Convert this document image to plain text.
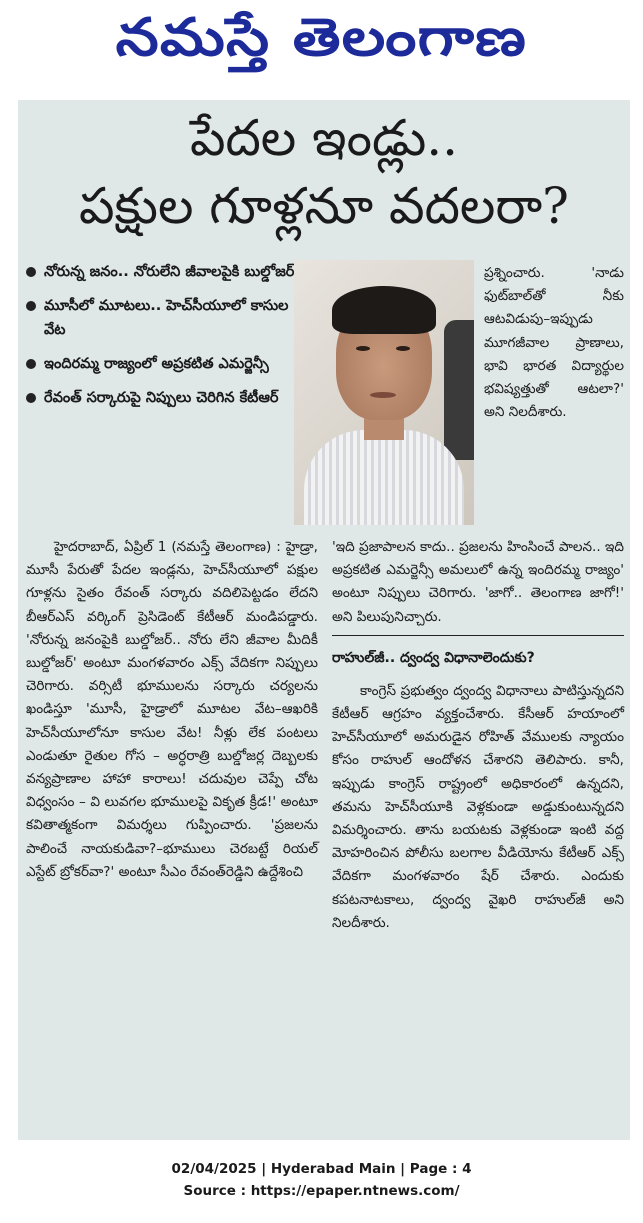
నమస్తే తెలంగాణ
పేదల ఇండ్లు..
పక్షుల గూళ్లనూ వదలరా?
నోరున్న జనం.. నోరులేని జీవాలపైకి బుల్డోజర్
మూసీలో మూటలు.. హెచ్‌సీయూలో కాసుల వేట
ఇందిరమ్మ రాజ్యంలో అప్రకటిత ఎమర్జెన్సీ
రేవంత్ సర్కారుపై నిప్పులు చెరిగిన కేటీఆర్

ప్రశ్నించారు. 'నాడు ఫుట్‌బాల్‌తో నీకు ఆటవిడుపు–ఇప్పుడు మూగజీవాల ప్రాణాలు, భావి భారత విద్యార్థుల భవిష్యత్తుతో ఆటలా?' అని నిలదీశారు.

హైదరాబాద్, ఏప్రిల్ 1 (నమస్తే తెలంగాణ) : హైడ్రా, మూసీ పేరుతో పేదల ఇండ్లను, హెచ్‌సీయూలో పక్షుల గూళ్లను సైతం రేవంత్ సర్కారు వదిలిపెట్టడం లేదని బీఆర్‌ఎస్ వర్కింగ్ ప్రెసిడెంట్ కేటీఆర్ మండిపడ్డారు. 'నోరున్న జనంపైకి బుల్డోజర్.. నోరు లేని జీవాల మీదికీ బుల్డోజర్' అంటూ మంగళవారం ఎక్స్ వేదికగా నిప్పులు చెరిగారు. వర్సిటీ భూములను సర్కారు చర్యలను ఖండిస్తూ 'మూసీ, హైడ్రాలో మూటల వేట–ఆఖరికి హెచ్‌సీయూలోనూ కాసుల వేట! నీళ్లు లేక పంటలు ఎండుతూ రైతుల గోస – అర్ధరాత్రి బుల్డోజర్ల దెబ్బలకు వన్యప్రాణాల హాహా కారాలు! చదువుల చెప్పే చోట విధ్వంసం – వి లువగల భూములపై వికృత క్రీడ!' అంటూ కవితాత్మకంగా విమర్శలు గుప్పించారు. 'ప్రజలను పాలించే నాయకుడివా?–భూములు చెరబట్టే రియల్ ఎస్టేట్ బ్రోకర్‌వా?' అంటూ సీఎం రేవంత్‌రెడ్డిని ఉద్దేశించి

'ఇది ప్రజాపాలన కాదు.. ప్రజలను హింసించే పాలన.. ఇది అప్రకటిత ఎమర్జెన్సీ అమలులో ఉన్న ఇందిరమ్మ రాజ్యం' అంటూ నిప్పులు చెరిగారు. 'జాగో.. తెలంగాణ జాగో!' అని పిలుపునిచ్చారు.

రాహుల్‌జీ.. ద్వంద్వ విధానాలెందుకు?

కాంగ్రెస్ ప్రభుత్వం ద్వంద్వ విధానాలు పాటిస్తున్నదని కేటీఆర్ ఆగ్రహం వ్యక్తంచేశారు. కేసీఆర్ హయాంలో హెచ్‌సీయూలో అమరుడైన రోహిత్ వేములకు న్యాయం కోసం రాహుల్ ఆందోళన చేశారని తెలిపారు. కానీ, ఇప్పుడు కాంగ్రెస్ రాష్ట్రంలో అధికారంలో ఉన్నదని, తమను హెచ్‌సీయూకి వెళ్లకుండా అడ్డుకుంటున్నదని విమర్శించారు. తాను బయటకు వెళ్లకుండా ఇంటి వద్ద మోహరించిన పోలీసు బలగాల వీడియోను కేటీఆర్ ఎక్స్ వేదికగా మంగళవారం షేర్ చేశారు. ఎందుకు కపటనాటకాలు, ద్వంద్వ వైఖరి రాహుల్‌జీ అని నిలదీశారు.

02/04/2025 | Hyderabad Main | Page : 4
Source : https://epaper.ntnews.com/
